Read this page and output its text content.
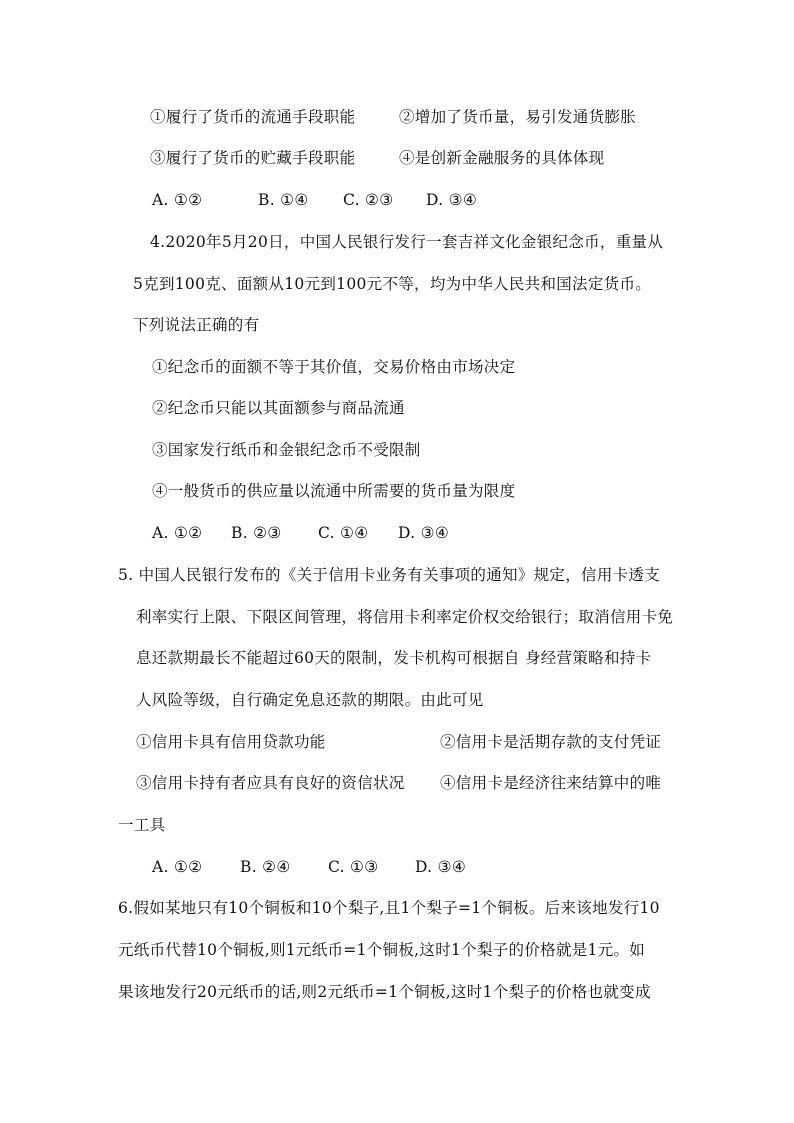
①履行了货币的流通手段职能	②增加了货币量，易引发通货膨胀
③履行了货币的贮藏手段职能	④是创新金融服务的具体体现
A. ①②	B. ①④ C. ②③ D. ③④
4.2020年5月20日，中国人民银行发行一套吉祥文化金银纪念币，重量从
5克到100克、面额从10元到100元不等，均为中华人民共和国法定货币。
下列说法正确的有
①纪念币的面额不等于其价值，交易价格由市场决定
②纪念币只能以其面额参与商品流通
③国家发行纸币和金银纪念币不受限制
④一般货币的供应量以流通中所需要的货币量为限度
A. ①② B. ②③ C. ①④ D. ③④
5. 中国人民银行发布的《关于信用卡业务有关事项的通知》规定，信用卡透支
利率实行上限、下限区间管理，将信用卡利率定价权交给银行；取消信用卡免
息还款期最长不能超过60天的限制，发卡机构可根据自 身经营策略和持卡
人风险等级，自行确定免息还款的期限。由此可见
①信用卡具有信用贷款功能	②信用卡是活期存款的支付凭证
③信用卡持有者应具有良好的资信状况 ④信用卡是经济往来结算中的唯
一工具
A. ①② B. ②④ C. ①③ D. ③④
6.假如某地只有10个铜板和10个梨子,且1个梨子=1个铜板。后来该地发行10
元纸币代替10个铜板,则1元纸币=1个铜板,这时1个梨子的价格就是1元。如
果该地发行20元纸币的话,则2元纸币=1个铜板,这时1个梨子的价格也就变成
